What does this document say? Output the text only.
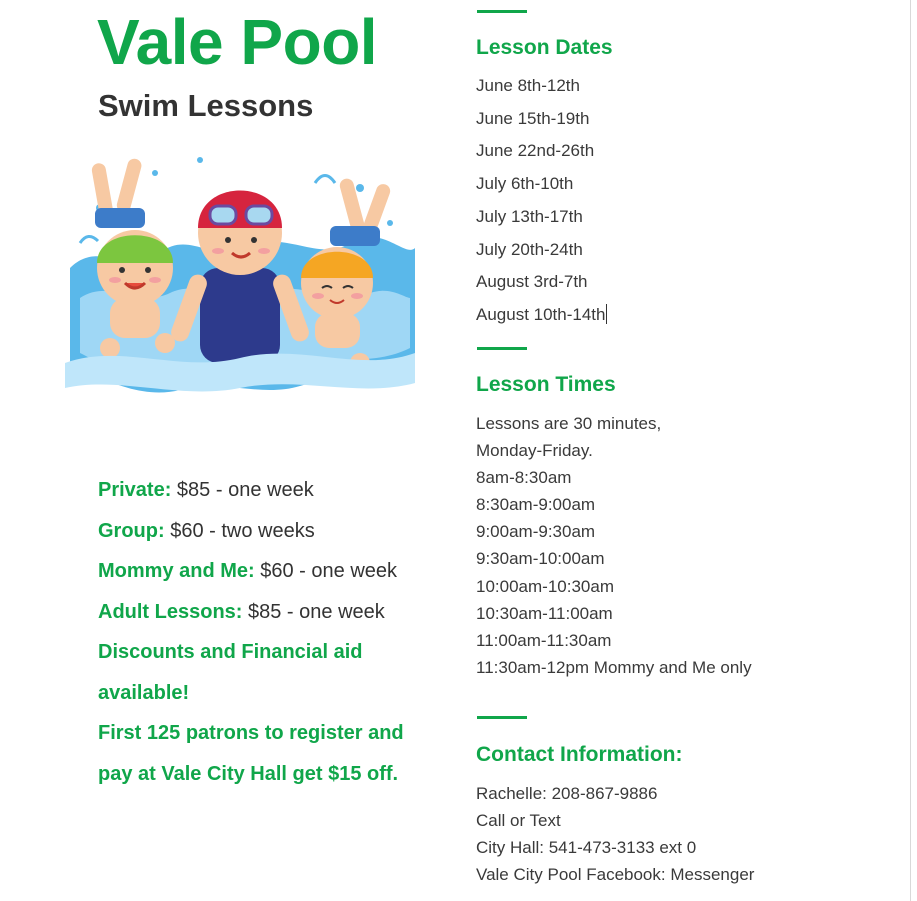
Vale Pool
Swim Lessons

Private: $85 - one week

Group: $60 - two weeks

Mommy and Me: $60 - one week

Adult Lessons: $85 - one week

Discounts and Financial aid available!

First 125 patrons to register and pay at Vale City Hall get $15 off.

Lesson Dates
June 8th-12th
June 15th-19th
June 22nd-26th
July 6th-10th
July 13th-17th
July 20th-24th
August 3rd-7th
August 10th-14th
Lesson Times
Lessons are 30 minutes,
Monday-Friday.
8am-8:30am
8:30am-9:00am
9:00am-9:30am
9:30am-10:00am
10:00am-10:30am
10:30am-11:00am
11:00am-11:30am
11:30am-12pm Mommy and Me only
Contact Information:
Rachelle: 208-867-9886
Call or Text
City Hall: 541-473-3133 ext 0
Vale City Pool Facebook: Messenger
